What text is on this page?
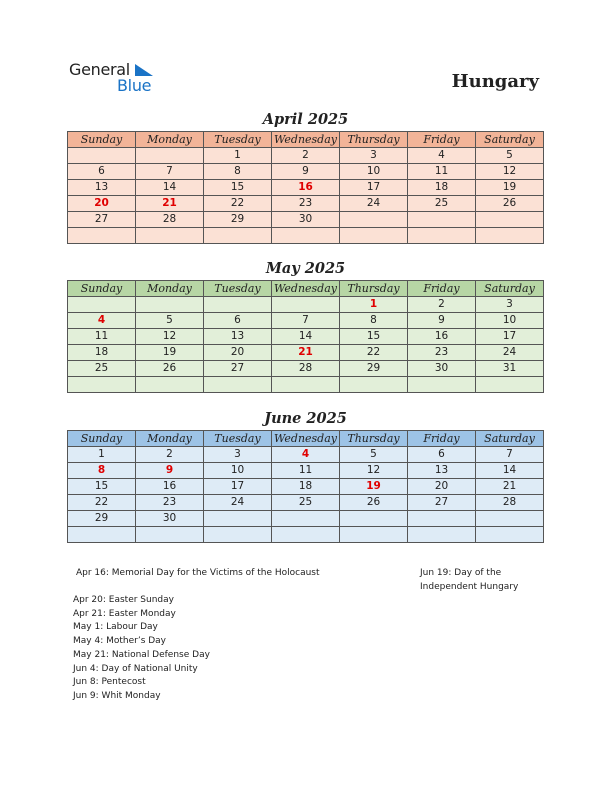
General
Blue	Hungary
April 2025
Sunday	Monday	Tuesday	Wednesday	Thursday	Friday	Saturday
		1	2	3	4	5
6	7	8	9	10	11	12
13	14	15	16	17	18	19
20	21	22	23	24	25	26
27	28	29	30			

May 2025
Sunday	Monday	Tuesday	Wednesday	Thursday	Friday	Saturday
				1	2	3
4	5	6	7	8	9	10
11	12	13	14	15	16	17
18	19	20	21	22	23	24
25	26	27	28	29	30	31

June 2025
Sunday	Monday	Tuesday	Wednesday	Thursday	Friday	Saturday
1	2	3	4	5	6	7
8	9	10	11	12	13	14
15	16	17	18	19	20	21
22	23	24	25	26	27	28
29	30					

Apr 16: Memorial Day for the Victims of the Holocaust
Apr 20: Easter Sunday
Apr 21: Easter Monday
May 1: Labour Day
May 4: Mother’s Day
May 21: National Defense Day
Jun 4: Day of National Unity
Jun 8: Pentecost
Jun 9: Whit Monday
Jun 19: Day of the
Independent Hungary
